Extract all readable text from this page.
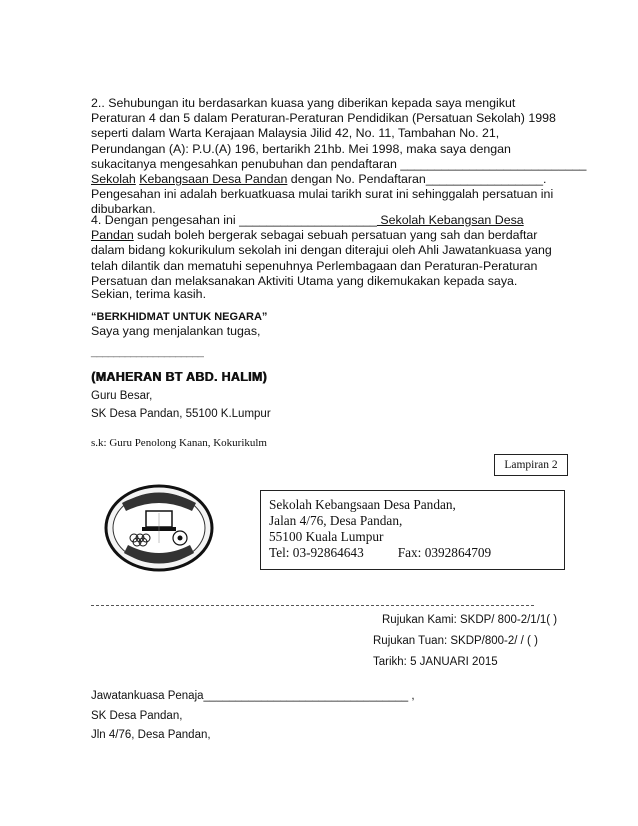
2.. Sehubungan itu berdasarkan kuasa yang diberikan kepada saya mengikut
Peraturan 4 dan 5 dalam Peraturan-Peraturan Pendidikan (Persatuan Sekolah) 1998
seperti dalam Warta Kerajaan Malaysia Jilid 42, No. 11, Tambahan No. 21,
Perundangan (A): P.U.(A) 196, bertarikh 21hb. Mei 1998, maka saya dengan
sukacitanya mengesahkan penubuhan dan pendaftaran ___________________________
Sekolah Kebangsaan Desa Pandan dengan No. Pendaftaran_________________.
Pengesahan ini adalah berkuatkuasa mulai tarikh surat ini sehinggalah persatuan ini
dibubarkan.
4. Dengan pengesahan ini ____________________ Sekolah Kebangsan Desa
Pandan sudah boleh bergerak sebagai sebuah persatuan yang sah dan berdaftar
dalam bidang kokurikulum sekolah ini dengan diterajui oleh Ahli Jawatankuasa yang
telah dilantik dan mematuhi sepenuhnya Perlembagaan dan Peraturan-Peraturan
Persatuan dan melaksanakan Aktiviti Utama yang dikemukakan kepada saya.
Sekian, terima kasih.
“BERKHIDMAT UNTUK NEGARA”
Saya yang menjalankan tugas,
____________________
(MAHERAN BT ABD. HALIM)
Guru Besar,
SK Desa Pandan, 55100 K.Lumpur
s.k: Guru Penolong Kanan, Kokurikulm
Lampiran 2
Sekolah Kebangsaan Desa Pandan,
Jalan 4/76, Desa Pandan,
55100 Kuala Lumpur
Tel: 03-92864643	Fax: 0392864709
Rujukan Kami: SKDP/ 800-2/1/1( )
Rujukan Tuan: SKDP/800-2/ / ( )
Tarikh: 5 JANUARI 2015
Jawatankuasa Penaja________________________________ ,
SK Desa Pandan,
Jln 4/76, Desa Pandan,
